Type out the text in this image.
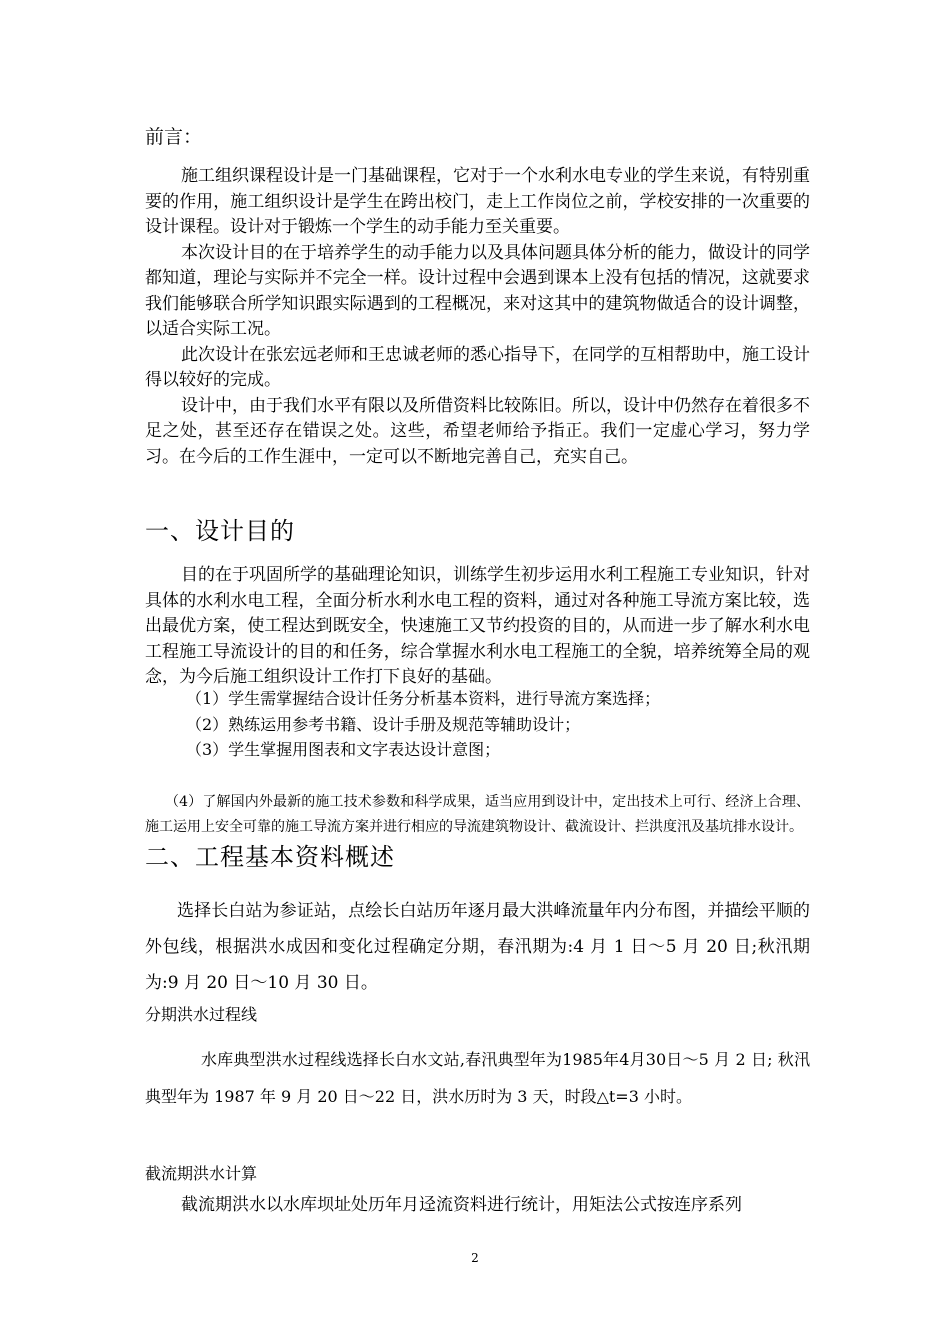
前言：

施工组织课程设计是一门基础课程，它对于一个水利水电专业的学生来说，有特别重要的作用，施工组织设计是学生在跨出校门，走上工作岗位之前，学校安排的一次重要的设计课程。设计对于锻炼一个学生的动手能力至关重要。

本次设计目的在于培养学生的动手能力以及具体问题具体分析的能力，做设计的同学都知道，理论与实际并不完全一样。设计过程中会遇到课本上没有包括的情况，这就要求我们能够联合所学知识跟实际遇到的工程概况，来对这其中的建筑物做适合的设计调整，以适合实际工况。

此次设计在张宏远老师和王忠诚老师的悉心指导下，在同学的互相帮助中，施工设计得以较好的完成。

设计中，由于我们水平有限以及所借资料比较陈旧。所以，设计中仍然存在着很多不足之处，甚至还存在错误之处。这些，希望老师给予指正。我们一定虚心学习，努力学习。在今后的工作生涯中，一定可以不断地完善自己，充实自己。

一、设计目的

目的在于巩固所学的基础理论知识，训练学生初步运用水利工程施工专业知识，针对具体的水利水电工程，全面分析水利水电工程的资料，通过对各种施工导流方案比较，选出最优方案，使工程达到既安全，快速施工又节约投资的目的，从而进一步了解水利水电工程施工导流设计的目的和任务，综合掌握水利水电工程施工的全貌，培养统筹全局的观念，为今后施工组织设计工作打下良好的基础。

（1）学生需掌握结合设计任务分析基本资料，进行导流方案选择；
（2）熟练运用参考书籍、设计手册及规范等辅助设计；
（3）学生掌握用图表和文字表达设计意图；

（4）了解国内外最新的施工技术参数和科学成果，适当应用到设计中，定出技术上可行、经济上合理、施工运用上安全可靠的施工导流方案并进行相应的导流建筑物设计、截流设计、拦洪度汛及基坑排水设计。

二、工程基本资料概述

选择长白站为参证站，点绘长白站历年逐月最大洪峰流量年内分布图，并描绘平顺的外包线，根据洪水成因和变化过程确定分期，春汛期为:4 月 1 日～5 月 20 日;秋汛期为:9 月 20 日～10 月 30 日。

分期洪水过程线

水库典型洪水过程线选择长白水文站,春汛典型年为1985年4月30日～5 月 2 日; 秋汛典型年为 1987 年 9 月 20 日～22 日，洪水历时为 3 天，时段△t=3 小时。

截流期洪水计算

截流期洪水以水库坝址处历年月迳流资料进行统计，用矩法公式按连序系列

2
